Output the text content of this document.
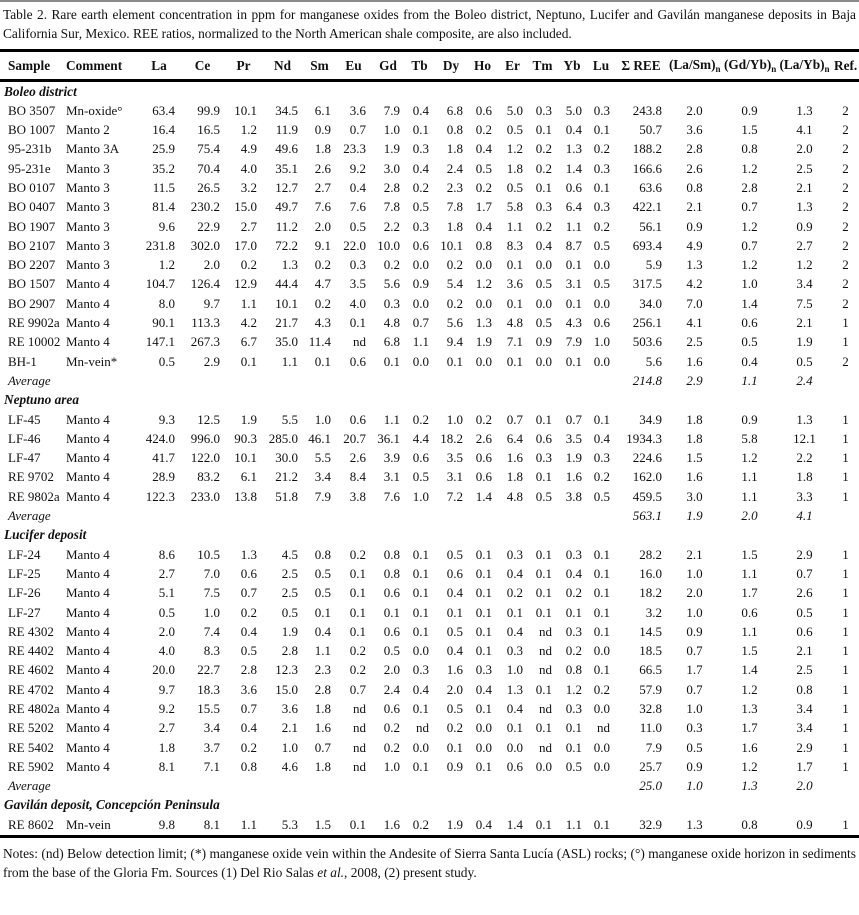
Table 2. Rare earth element concentration in ppm for manganese oxides from the Boleo district, Neptuno, Lucifer and Gavilán manganese deposits in Baja California Sur, Mexico. REE ratios, normalized to the North American shale composite, are also included.
Sample	Comment	La	Ce	Pr	Nd	Sm	Eu	Gd	Tb	Dy	Ho	Er	Tm	Yb	Lu	Σ REE	$(La/Sm)_n$	$(Gd/Yb)_n$	$(La/Yb)_n$	Ref.
Boleo district																				
BO 3507	Mn-oxide°	63.4	99.9	10.1	34.5	6.1	3.6	7.9	0.4	6.8	0.6	5.0	0.3	5.0	0.3	243.8	2.0	0.9	1.3	2
BO 1007	Manto 2	16.4	16.5	1.2	11.9	0.9	0.7	1.0	0.1	0.8	0.2	0.5	0.1	0.4	0.1	50.7	3.6	1.5	4.1	2
95-231b	Manto 3A	25.9	75.4	4.9	49.6	1.8	23.3	1.9	0.3	1.8	0.4	1.2	0.2	1.3	0.2	188.2	2.8	0.8	2.0	2
95-231e	Manto 3	35.2	70.4	4.0	35.1	2.6	9.2	3.0	0.4	2.4	0.5	1.8	0.2	1.4	0.3	166.6	2.6	1.2	2.5	2
BO 0107	Manto 3	11.5	26.5	3.2	12.7	2.7	0.4	2.8	0.2	2.3	0.2	0.5	0.1	0.6	0.1	63.6	0.8	2.8	2.1	2
BO 0407	Manto 3	81.4	230.2	15.0	49.7	7.6	7.6	7.8	0.5	7.8	1.7	5.8	0.3	6.4	0.3	422.1	2.1	0.7	1.3	2
BO 1907	Manto 3	9.6	22.9	2.7	11.2	2.0	0.5	2.2	0.3	1.8	0.4	1.1	0.2	1.1	0.2	56.1	0.9	1.2	0.9	2
BO 2107	Manto 3	231.8	302.0	17.0	72.2	9.1	22.0	10.0	0.6	10.1	0.8	8.3	0.4	8.7	0.5	693.4	4.9	0.7	2.7	2
BO 2207	Manto 3	1.2	2.0	0.2	1.3	0.2	0.3	0.2	0.0	0.2	0.0	0.1	0.0	0.1	0.0	5.9	1.3	1.2	1.2	2
BO 1507	Manto 4	104.7	126.4	12.9	44.4	4.7	3.5	5.6	0.9	5.4	1.2	3.6	0.5	3.1	0.5	317.5	4.2	1.0	3.4	2
BO 2907	Manto 4	8.0	9.7	1.1	10.1	0.2	4.0	0.3	0.0	0.2	0.0	0.1	0.0	0.1	0.0	34.0	7.0	1.4	7.5	2
RE 9902a	Manto 4	90.1	113.3	4.2	21.7	4.3	0.1	4.8	0.7	5.6	1.3	4.8	0.5	4.3	0.6	256.1	4.1	0.6	2.1	1
RE 10002	Manto 4	147.1	267.3	6.7	35.0	11.4	nd	6.8	1.1	9.4	1.9	7.1	0.9	7.9	1.0	503.6	2.5	0.5	1.9	1
BH-1	Mn-vein*	0.5	2.9	0.1	1.1	0.1	0.6	0.1	0.0	0.1	0.0	0.1	0.0	0.1	0.0	5.6	1.6	0.4	0.5	2
Average																214.8	2.9	1.1	2.4	
Neptuno area																				
LF-45	Manto 4	9.3	12.5	1.9	5.5	1.0	0.6	1.1	0.2	1.0	0.2	0.7	0.1	0.7	0.1	34.9	1.8	0.9	1.3	1
LF-46	Manto 4	424.0	996.0	90.3	285.0	46.1	20.7	36.1	4.4	18.2	2.6	6.4	0.6	3.5	0.4	1934.3	1.8	5.8	12.1	1
LF-47	Manto 4	41.7	122.0	10.1	30.0	5.5	2.6	3.9	0.6	3.5	0.6	1.6	0.3	1.9	0.3	224.6	1.5	1.2	2.2	1
RE 9702	Manto 4	28.9	83.2	6.1	21.2	3.4	8.4	3.1	0.5	3.1	0.6	1.8	0.1	1.6	0.2	162.0	1.6	1.1	1.8	1
RE 9802a	Manto 4	122.3	233.0	13.8	51.8	7.9	3.8	7.6	1.0	7.2	1.4	4.8	0.5	3.8	0.5	459.5	3.0	1.1	3.3	1
Average																563.1	1.9	2.0	4.1	
Lucifer deposit																				
LF-24	Manto 4	8.6	10.5	1.3	4.5	0.8	0.2	0.8	0.1	0.5	0.1	0.3	0.1	0.3	0.1	28.2	2.1	1.5	2.9	1
LF-25	Manto 4	2.7	7.0	0.6	2.5	0.5	0.1	0.8	0.1	0.6	0.1	0.4	0.1	0.4	0.1	16.0	1.0	1.1	0.7	1
LF-26	Manto 4	5.1	7.5	0.7	2.5	0.5	0.1	0.6	0.1	0.4	0.1	0.2	0.1	0.2	0.1	18.2	2.0	1.7	2.6	1
LF-27	Manto 4	0.5	1.0	0.2	0.5	0.1	0.1	0.1	0.1	0.1	0.1	0.1	0.1	0.1	0.1	3.2	1.0	0.6	0.5	1
RE 4302	Manto 4	2.0	7.4	0.4	1.9	0.4	0.1	0.6	0.1	0.5	0.1	0.4	nd	0.3	0.1	14.5	0.9	1.1	0.6	1
RE 4402	Manto 4	4.0	8.3	0.5	2.8	1.1	0.2	0.5	0.0	0.4	0.1	0.3	nd	0.2	0.0	18.5	0.7	1.5	2.1	1
RE 4602	Manto 4	20.0	22.7	2.8	12.3	2.3	0.2	2.0	0.3	1.6	0.3	1.0	nd	0.8	0.1	66.5	1.7	1.4	2.5	1
RE 4702	Manto 4	9.7	18.3	3.6	15.0	2.8	0.7	2.4	0.4	2.0	0.4	1.3	0.1	1.2	0.2	57.9	0.7	1.2	0.8	1
RE 4802a	Manto 4	9.2	15.5	0.7	3.6	1.8	nd	0.6	0.1	0.5	0.1	0.4	nd	0.3	0.0	32.8	1.0	1.3	3.4	1
RE 5202	Manto 4	2.7	3.4	0.4	2.1	1.6	nd	0.2	nd	0.2	0.0	0.1	0.1	0.1	nd	11.0	0.3	1.7	3.4	1
RE 5402	Manto 4	1.8	3.7	0.2	1.0	0.7	nd	0.2	0.0	0.1	0.0	0.0	nd	0.1	0.0	7.9	0.5	1.6	2.9	1
RE 5902	Manto 4	8.1	7.1	0.8	4.6	1.8	nd	1.0	0.1	0.9	0.1	0.6	0.0	0.5	0.0	25.7	0.9	1.2	1.7	1
Average																25.0	1.0	1.3	2.0	
Gavilán deposit, Concepción Peninsula																				
RE 8602	Mn-vein	9.8	8.1	1.1	5.3	1.5	0.1	1.6	0.2	1.9	0.4	1.4	0.1	1.1	0.1	32.9	1.3	0.8	0.9	1
Notes: (nd) Below detection limit; (*) manganese oxide vein within the Andesite of Sierra Santa Lucía (ASL) rocks; (°) manganese oxide horizon in sediments from the base of the Gloria Fm. Sources (1) Del Rio Salas et al., 2008, (2) present study.
